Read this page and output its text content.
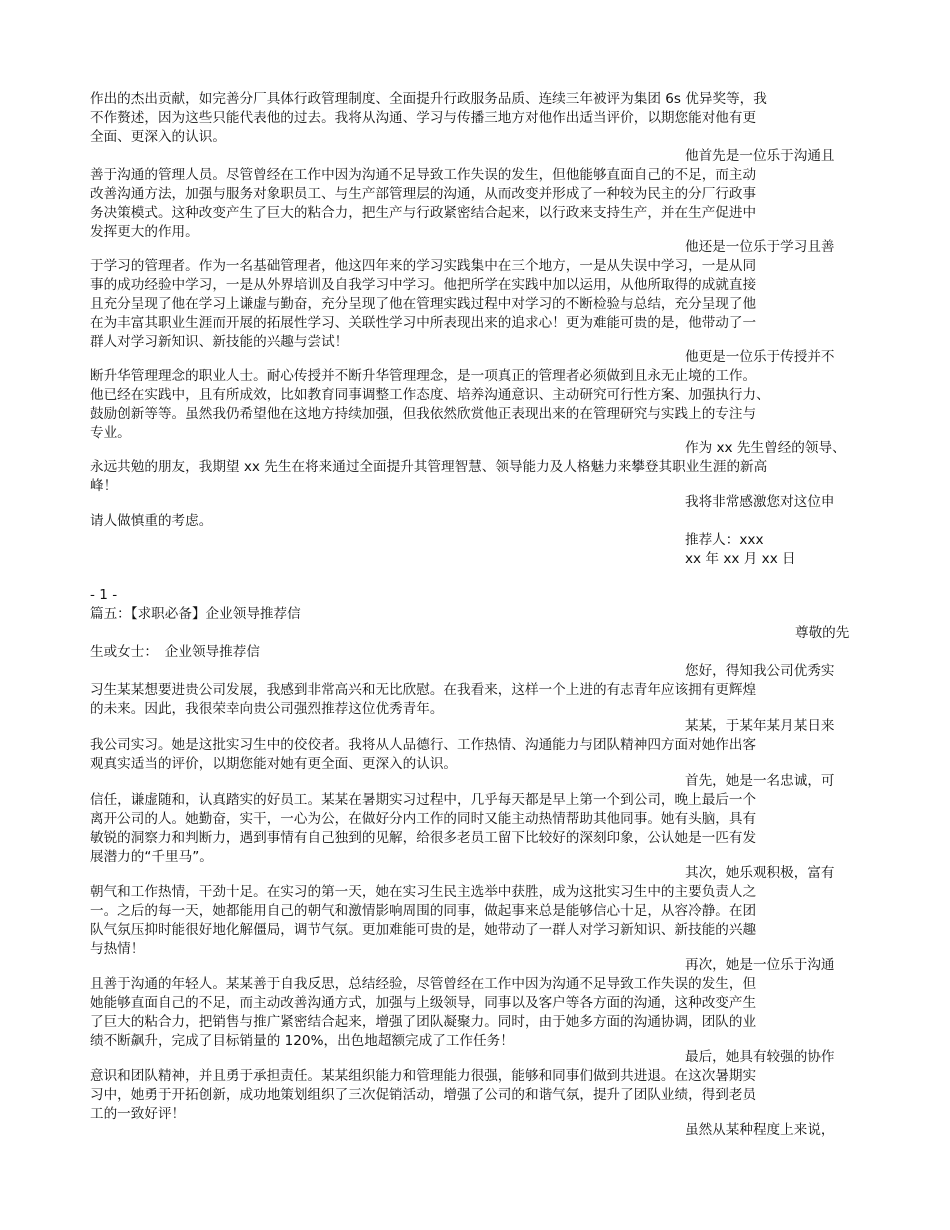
作出的杰出贡献，如完善分厂具体行政管理制度、全面提升行政服务品质、连续三年被评为集团 6s 优异奖等，我
不作赘述，因为这些只能代表他的过去。我将从沟通、学习与传播三地方对他作出适当评价，以期您能对他有更
全面、更深入的认识。
他首先是一位乐于沟通且
善于沟通的管理人员。尽管曾经在工作中因为沟通不足导致工作失误的发生，但他能够直面自己的不足，而主动
改善沟通方法，加强与服务对象职员工、与生产部管理层的沟通，从而改变并形成了一种较为民主的分厂行政事
务决策模式。这种改变产生了巨大的粘合力，把生产与行政紧密结合起来，以行政来支持生产，并在生产促进中
发挥更大的作用。
他还是一位乐于学习且善
于学习的管理者。作为一名基础管理者，他这四年来的学习实践集中在三个地方，一是从失误中学习，一是从同
事的成功经验中学习，一是从外界培训及自我学习中学习。他把所学在实践中加以运用，从他所取得的成就直接
且充分呈现了他在学习上谦虚与勤奋，充分呈现了他在管理实践过程中对学习的不断检验与总结，充分呈现了他
在为丰富其职业生涯而开展的拓展性学习、关联性学习中所表现出来的追求心！更为难能可贵的是，他带动了一
群人对学习新知识、新技能的兴趣与尝试！
他更是一位乐于传授并不
断升华管理理念的职业人士。耐心传授并不断升华管理理念，是一项真正的管理者必须做到且永无止境的工作。
他已经在实践中，且有所成效，比如教育同事调整工作态度、培养沟通意识、主动研究可行性方案、加强执行力、
鼓励创新等等。虽然我仍希望他在这地方持续加强，但我依然欣赏他正表现出来的在管理研究与实践上的专注与
专业。
作为 xx 先生曾经的领导、
永远共勉的朋友，我期望 xx 先生在将来通过全面提升其管理智慧、领导能力及人格魅力来攀登其职业生涯的新高
峰！
我将非常感激您对这位申
请人做慎重的考虑。
推荐人：xxx
xx 年 xx 月 xx 日
- 1 -
篇五：【求职必备】企业领导推荐信
尊敬的先
生或女士：　企业领导推荐信
您好，得知我公司优秀实
习生某某想要进贵公司发展，我感到非常高兴和无比欣慰。在我看来，这样一个上进的有志青年应该拥有更辉煌
的未来。因此，我很荣幸向贵公司强烈推荐这位优秀青年。
某某，于某年某月某日来
我公司实习。她是这批实习生中的佼佼者。我将从人品德行、工作热情、沟通能力与团队精神四方面对她作出客
观真实适当的评价，以期您能对她有更全面、更深入的认识。
首先，她是一名忠诚，可
信任，谦虚随和，认真踏实的好员工。某某在暑期实习过程中，几乎每天都是早上第一个到公司，晚上最后一个
离开公司的人。她勤奋，实干，一心为公，在做好分内工作的同时又能主动热情帮助其他同事。她有头脑，具有
敏锐的洞察力和判断力，遇到事情有自己独到的见解，给很多老员工留下比较好的深刻印象，公认她是一匹有发
展潜力的“千里马”。
其次，她乐观积极，富有
朝气和工作热情，干劲十足。在实习的第一天，她在实习生民主选举中获胜，成为这批实习生中的主要负责人之
一。之后的每一天，她都能用自己的朝气和激情影响周围的同事，做起事来总是能够信心十足，从容冷静。在团
队气氛压抑时能很好地化解僵局，调节气氛。更加难能可贵的是，她带动了一群人对学习新知识、新技能的兴趣
与热情！
再次，她是一位乐于沟通
且善于沟通的年轻人。某某善于自我反思，总结经验，尽管曾经在工作中因为沟通不足导致工作失误的发生，但
她能够直面自己的不足，而主动改善沟通方式，加强与上级领导，同事以及客户等各方面的沟通，这种改变产生
了巨大的粘合力，把销售与推广紧密结合起来，增强了团队凝聚力。同时，由于她多方面的沟通协调，团队的业
绩不断飙升，完成了目标销量的 120%，出色地超额完成了工作任务！
最后，她具有较强的协作
意识和团队精神，并且勇于承担责任。某某组织能力和管理能力很强，能够和同事们做到共进退。在这次暑期实
习中，她勇于开拓创新，成功地策划组织了三次促销活动，增强了公司的和谐气氛，提升了团队业绩，得到老员
工的一致好评！
虽然从某种程度上来说，
